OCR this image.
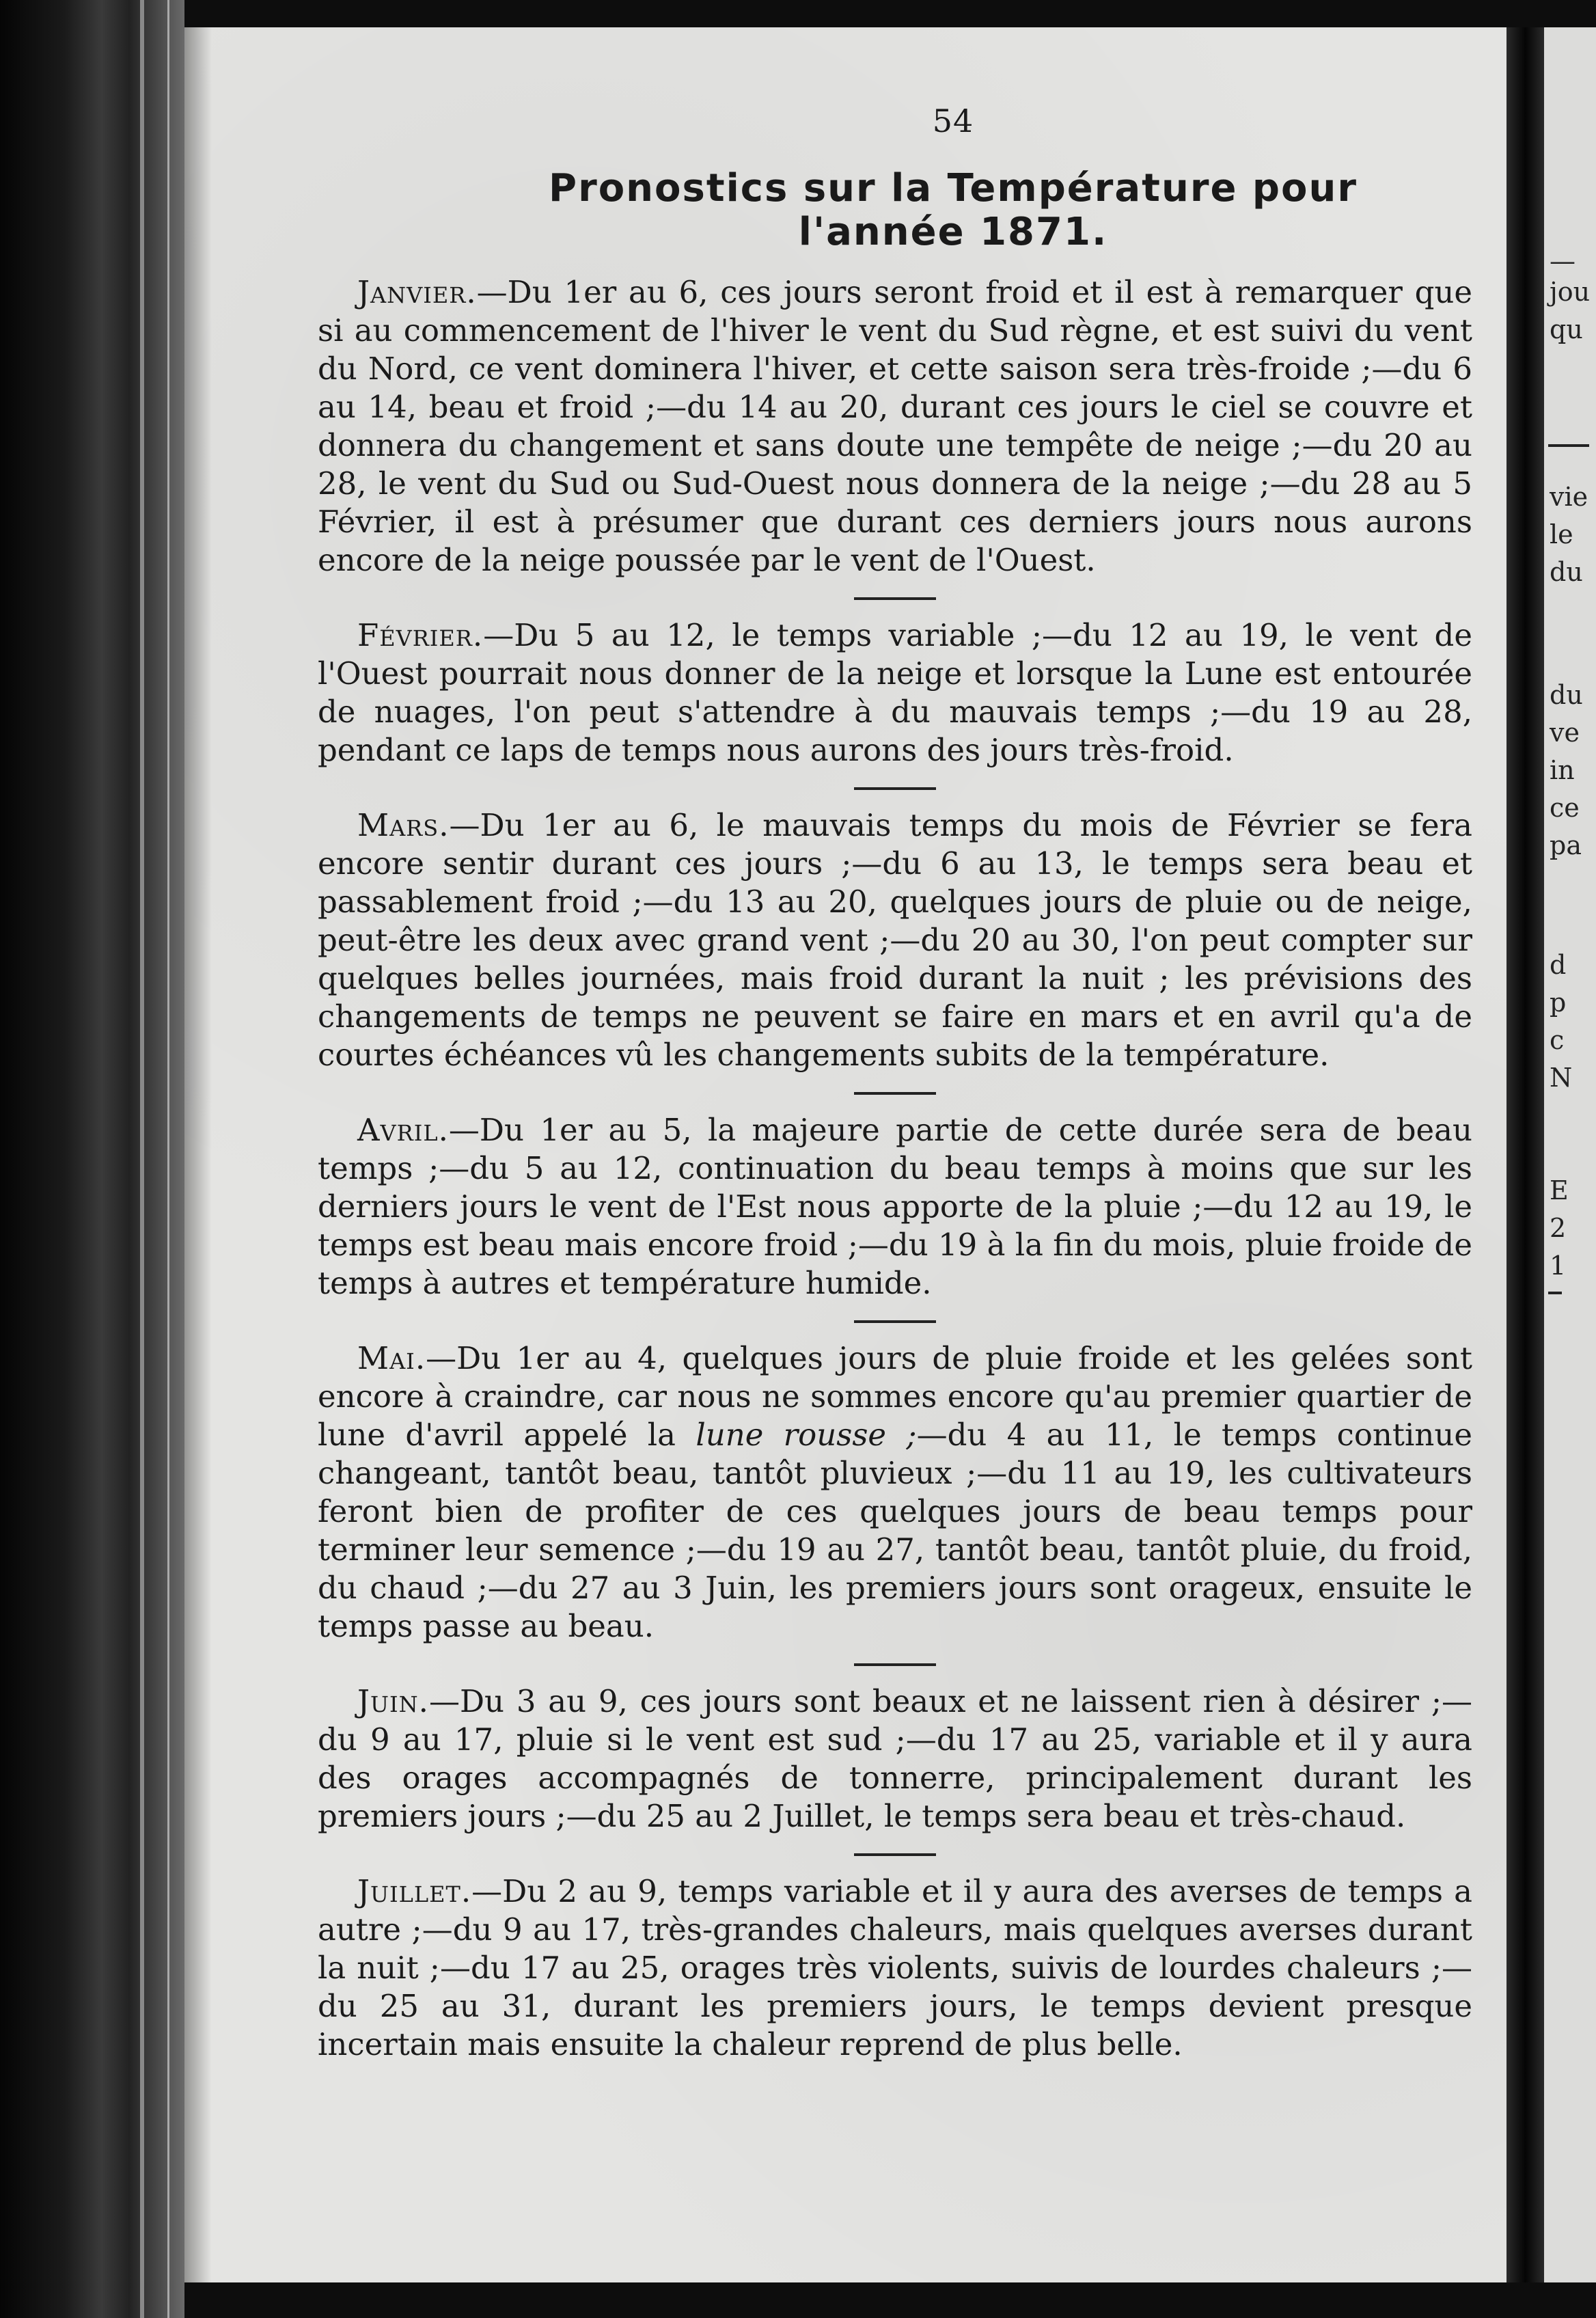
—
jou
qu
vie
le
du
du
ve
in
ce
pa
d
p
c
N
E
2
1
54
Pronostics sur la Température pour
l'année 1871.

Janvier.—Du 1er au 6, ces jours seront froid et il est à remarquer que si au commencement de l'hiver le vent du Sud règne, et est suivi du vent du Nord, ce vent dominera l'hiver, et cette saison sera très-froide ;—du 6 au 14, beau et froid ;—du 14 au 20, durant ces jours le ciel se couvre et donnera du changement et sans doute une tempête de neige ;—du 20 au 28, le vent du Sud ou Sud-Ouest nous donnera de la neige ;—du 28 au 5 Février, il est à présumer que durant ces derniers jours nous aurons encore de la neige poussée par le vent de l'Ouest.

Février.—Du 5 au 12, le temps variable ;—du 12 au 19, le vent de l'Ouest pourrait nous donner de la neige et lorsque la Lune est entourée de nuages, l'on peut s'attendre à du mauvais temps ;—du 19 au 28, pendant ce laps de temps nous aurons des jours très-froid.

Mars.—Du 1er au 6, le mauvais temps du mois de Février se fera encore sentir durant ces jours ;—du 6 au 13, le temps sera beau et passablement froid ;—du 13 au 20, quelques jours de pluie ou de neige, peut-être les deux avec grand vent ;—du 20 au 30, l'on peut compter sur quelques belles journées, mais froid durant la nuit ; les prévisions des changements de temps ne peuvent se faire en mars et en avril qu'a de courtes échéances vû les changements subits de la température.

Avril.—Du 1er au 5, la majeure partie de cette durée sera de beau temps ;—du 5 au 12, continuation du beau temps à moins que sur les derniers jours le vent de l'Est nous apporte de la pluie ;—du 12 au 19, le temps est beau mais encore froid ;—du 19 à la fin du mois, pluie froide de temps à autres et température humide.

Mai.—Du 1er au 4, quelques jours de pluie froide et les gelées sont encore à craindre, car nous ne sommes encore qu'au premier quartier de lune d'avril appelé la lune rousse ;—du 4 au 11, le temps continue changeant, tantôt beau, tantôt pluvieux ;—du 11 au 19, les cultivateurs feront bien de profiter de ces quelques jours de beau temps pour terminer leur semence ;—du 19 au 27, tantôt beau, tantôt pluie, du froid, du chaud ;—du 27 au 3 Juin, les premiers jours sont orageux, ensuite le temps passe au beau.

Juin.—Du 3 au 9, ces jours sont beaux et ne laissent rien à désirer ;—du 9 au 17, pluie si le vent est sud ;—du 17 au 25, variable et il y aura des orages accompagnés de tonnerre, principalement durant les premiers jours ;—du 25 au 2 Juillet, le temps sera beau et très-chaud.

Juillet.—Du 2 au 9, temps variable et il y aura des averses de temps a autre ;—du 9 au 17, très-grandes chaleurs, mais quelques averses durant la nuit ;—du 17 au 25, orages très violents, suivis de lourdes chaleurs ;—du 25 au 31, durant les premiers jours, le temps devient presque incertain mais ensuite la chaleur reprend de plus belle.
